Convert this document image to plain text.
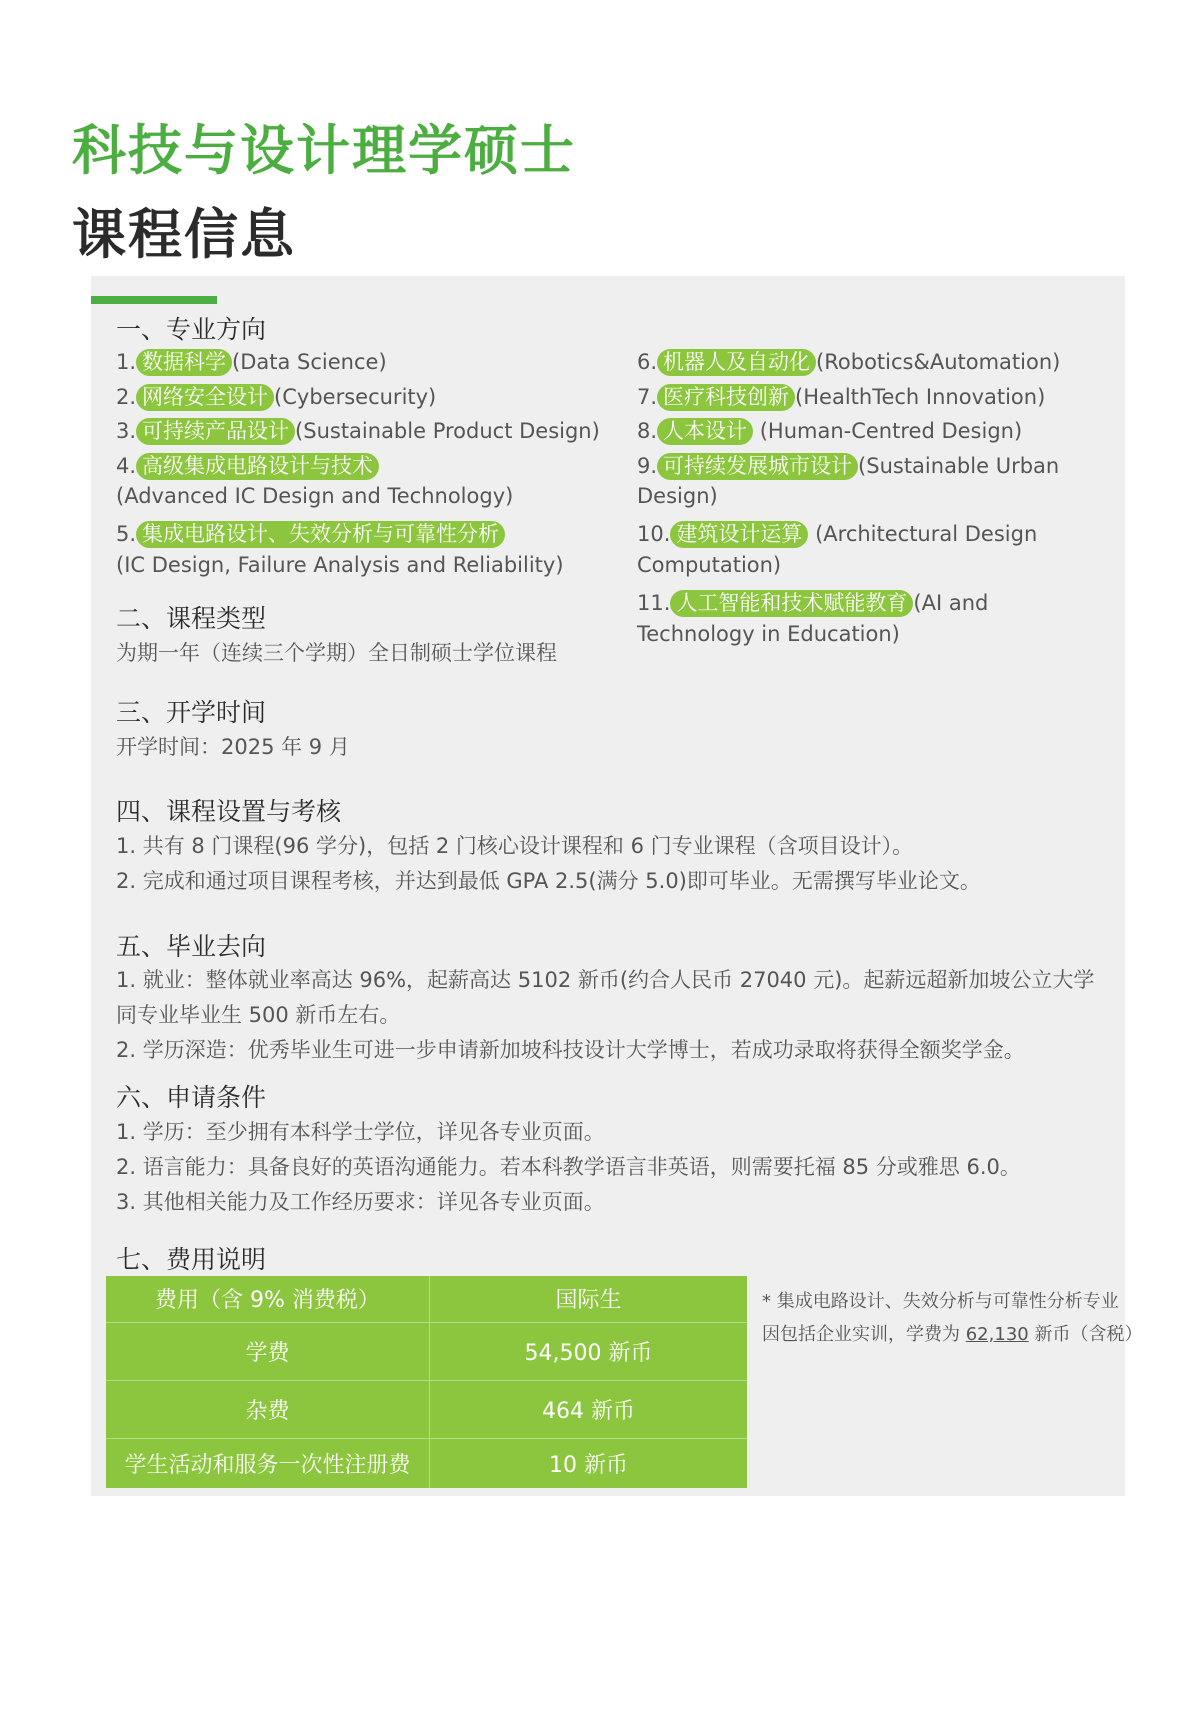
科技与设计理学硕士
课程信息
一、专业方向
1. 数据科学 (Data Science)
2. 网络安全设计 (Cybersecurity)
3. 可持续产品设计 (Sustainable Product Design)
4. 高级集成电路设计与技术
(Advanced IC Design and Technology)
5. 集成电路设计、失效分析与可靠性分析
(IC Design, Failure Analysis and Reliability)
6. 机器人及自动化 (Robotics&Automation)
7. 医疗科技创新 (HealthTech Innovation)
8. 人本设计 (Human-Centred Design)
9. 可持续发展城市设计 (Sustainable Urban
Design)
10. 建筑设计运算 (Architectural Design
Computation)
11. 人工智能和技术赋能教育 (AI and
Technology in Education)
二、课程类型
为期一年（连续三个学期）全日制硕士学位课程
三、开学时间
开学时间：2025 年 9 月
四、课程设置与考核
1. 共有 8 门课程(96 学分)，包括 2 门核心设计课程和 6 门专业课程（含项目设计）。
2. 完成和通过项目课程考核，并达到最低 GPA 2.5(满分 5.0)即可毕业。无需撰写毕业论文。
五、毕业去向
1. 就业：整体就业率高达 96%，起薪高达 5102 新币(约合人民币 27040 元)。起薪远超新加坡公立大学
同专业毕业生 500 新币左右。
2. 学历深造：优秀毕业生可进一步申请新加坡科技设计大学博士，若成功录取将获得全额奖学金。
六、申请条件
1. 学历：至少拥有本科学士学位，详见各专业页面。
2. 语言能力：具备良好的英语沟通能力。若本科教学语言非英语，则需要托福 85 分或雅思 6.0。
3. 其他相关能力及工作经历要求：详见各专业页面。
七、费用说明
费用（含 9% 消费税）	国际生
学费	54,500 新币
杂费	464 新币
学生活动和服务一次性注册费	10 新币
* 集成电路设计、失效分析与可靠性分析专业
因包括企业实训，学费为 62,130 新币（含税）
